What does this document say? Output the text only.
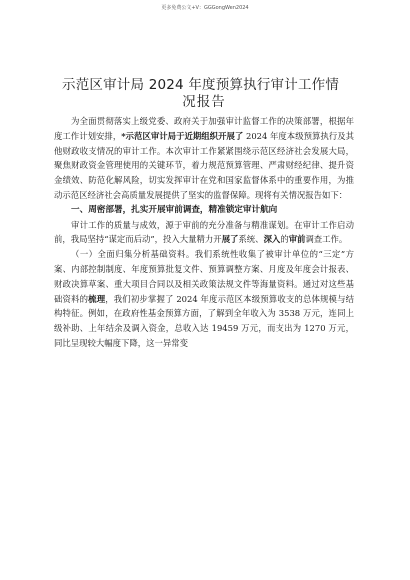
更多免费公文+V：GGGongWen2024
示范区审计局 2024 年度预算执行审计工作情
况报告

为全面贯彻落实上级党委、政府关于加强审计监督工作的决策部署，根据年度工作计划安排，*示范区审计局于近期组织开展了 2024 年度本级预算执行及其他财政收支情况的审计工作。本次审计工作紧紧围绕示范区经济社会发展大局，聚焦财政资金管理使用的关键环节，着力规范预算管理、严肃财经纪律、提升资金绩效、防范化解风险，切实发挥审计在党和国家监督体系中的重要作用，为推动示范区经济社会高质量发展提供了坚实的监督保障。现将有关情况报告如下：

一、周密部署，扎实开展审前调查，精准锁定审计航向

审计工作的质量与成效，源于审前的充分准备与精准谋划。在审计工作启动前，我局坚持“谋定而后动”，投入大量精力开展了系统、深入的审前调查工作。

（一）全面归集分析基础资料。我们系统性收集了被审计单位的“三定”方案、内部控制制度、年度预算批复文件、预算调整方案、月度及年度会计报表、财政决算草案、重大项目合同以及相关政策法规文件等海量资料。通过对这些基础资料的梳理，我们初步掌握了 2024 年度示范区本级预算收支的总体规模与结构特征。例如，在政府性基金预算方面，了解到全年收入为 3538 万元，连同上级补助、上年结余及调入资金，总收入达 19459 万元，而支出为 1270 万元，同比呈现较大幅度下降，这一异常变
